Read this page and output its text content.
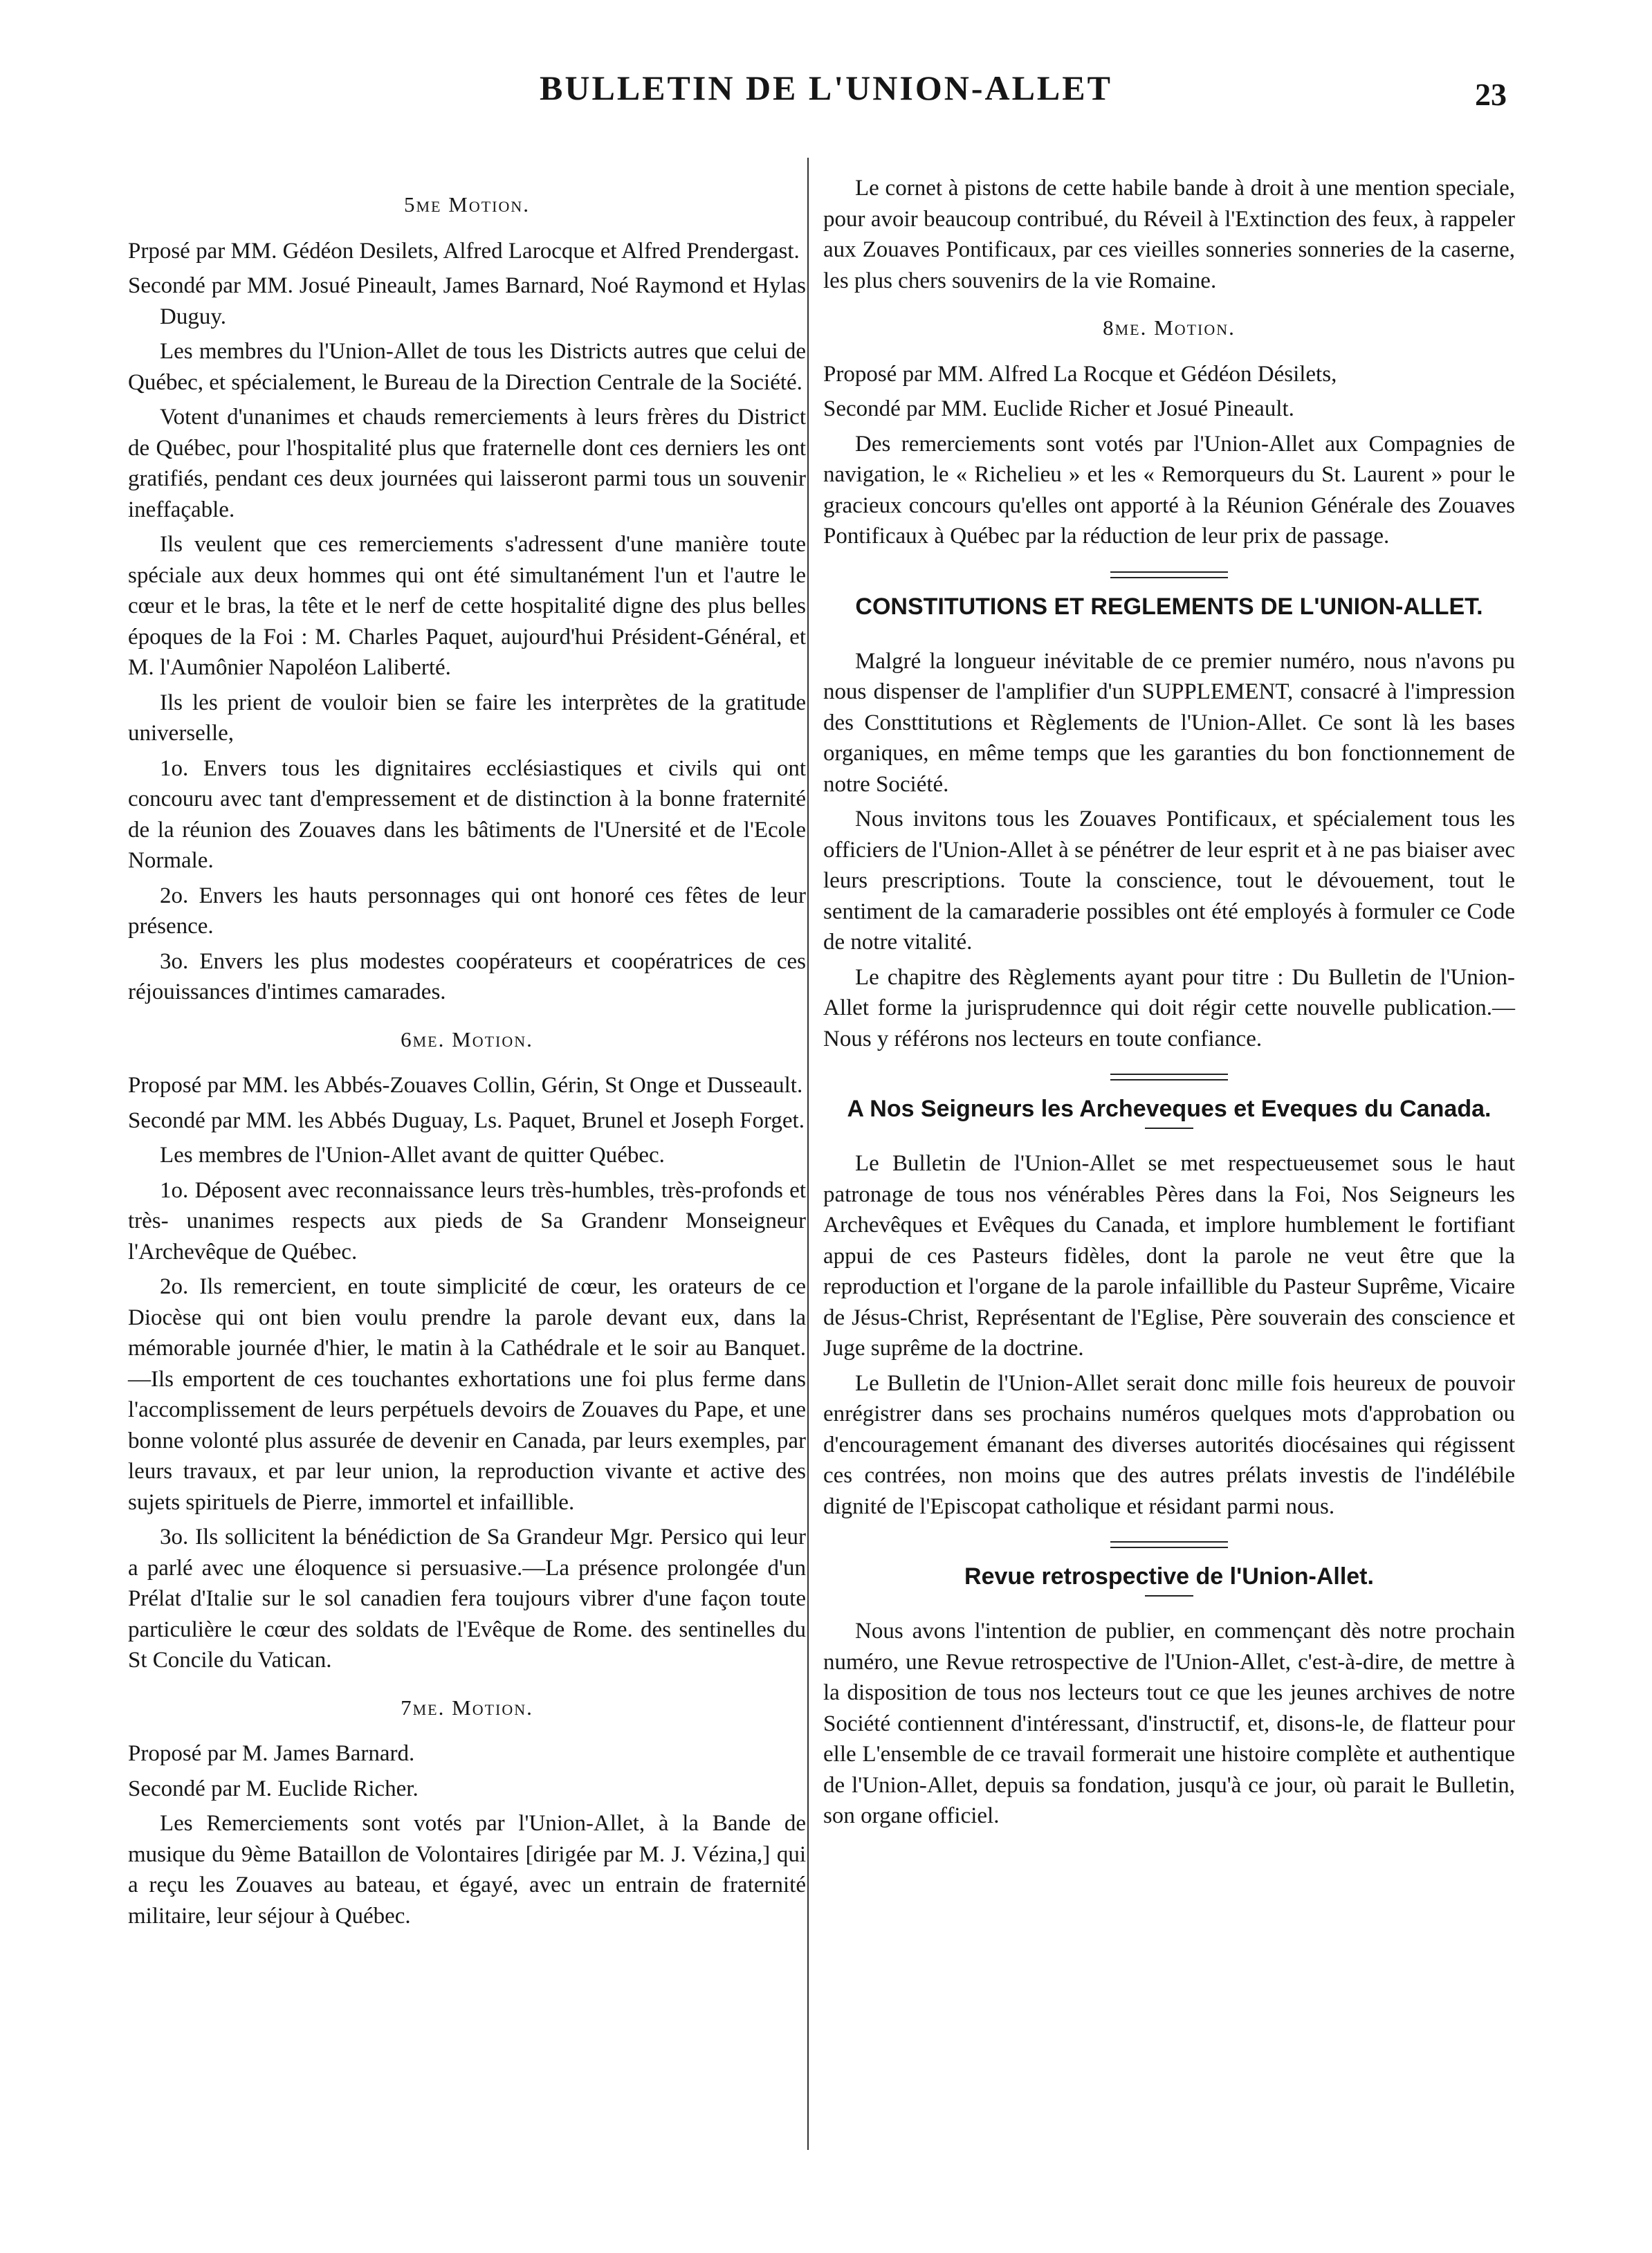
BULLETIN DE L'UNION-ALLET	23
5me Motion.

Prposé par MM. Gédéon Desilets, Alfred Larocque et Alfred Prendergast.

Secondé par MM. Josué Pineault, James Barnard, Noé Raymond et Hylas Duguy.

Les membres du l'Union-Allet de tous les Districts autres que celui de Québec, et spécialement, le Bureau de la Direction Centrale de la Société.

Votent d'unanimes et chauds remerciements à leurs frères du District de Québec, pour l'hospitalité plus que fraternelle dont ces derniers les ont gratifiés, pendant ces deux journées qui laisseront parmi tous un souvenir ineffaçable.

Ils veulent que ces remerciements s'adressent d'une manière toute spéciale aux deux hommes qui ont été simultanément l'un et l'autre le cœur et le bras, la tête et le nerf de cette hospitalité digne des plus belles époques de la Foi : M. Charles Paquet, aujourd'hui Président-Général, et M. l'Aumônier Napoléon Laliberté.

Ils les prient de vouloir bien se faire les interprètes de la gratitude universelle,

1o. Envers tous les dignitaires ecclésiastiques et civils qui ont concouru avec tant d'empressement et de distinction à la bonne fraternité de la réunion des Zouaves dans les bâtiments de l'Unersité et de l'Ecole Normale.

2o. Envers les hauts personnages qui ont honoré ces fêtes de leur présence.

3o. Envers les plus modestes coopérateurs et coopératrices de ces réjouissances d'intimes camarades.

6me. Motion.

Proposé par MM. les Abbés-Zouaves Collin, Gérin, St Onge et Dusseault.

Secondé par MM. les Abbés Duguay, Ls. Paquet, Brunel et Joseph Forget.

Les membres de l'Union-Allet avant de quitter Québec.

1o. Déposent avec reconnaissance leurs très-humbles, très-profonds et très- unanimes respects aux pieds de Sa Grandenr Monseigneur l'Archevêque de Québec.

2o. Ils remercient, en toute simplicité de cœur, les orateurs de ce Diocèse qui ont bien voulu prendre la parole devant eux, dans la mémorable journée d'hier, le matin à la Cathédrale et le soir au Banquet.—Ils emportent de ces touchantes exhortations une foi plus ferme dans l'accomplissement de leurs perpétuels devoirs de Zouaves du Pape, et une bonne volonté plus assurée de devenir en Canada, par leurs exemples, par leurs travaux, et par leur union, la reproduction vivante et active des sujets spirituels de Pierre, immortel et infaillible.

3o. Ils sollicitent la bénédiction de Sa Grandeur Mgr. Persico qui leur a parlé avec une éloquence si persuasive.—La présence prolongée d'un Prélat d'Italie sur le sol canadien fera toujours vibrer d'une façon toute particulière le cœur des soldats de l'Evêque de Rome. des sentinelles du St Concile du Vatican.

7me. Motion.

Proposé par M. James Barnard.

Secondé par M. Euclide Richer.

Les Remerciements sont votés par l'Union-Allet, à la Bande de musique du 9ème Bataillon de Volontaires [dirigée par M. J. Vézina,] qui a reçu les Zouaves au bateau, et égayé, avec un entrain de fraternité militaire, leur séjour à Québec.

Le cornet à pistons de cette habile bande à droit à une mention speciale, pour avoir beaucoup contribué, du Réveil à l'Extinction des feux, à rappeler aux Zouaves Pontificaux, par ces vieilles sonneries sonneries de la caserne, les plus chers souvenirs de la vie Romaine.

8me. Motion.

Proposé par MM. Alfred La Rocque et Gédéon Désilets,

Secondé par MM. Euclide Richer et Josué Pineault.

Des remerciements sont votés par l'Union-Allet aux Compagnies de navigation, le « Richelieu » et les « Remorqueurs du St. Laurent » pour le gracieux concours qu'elles ont apporté à la Réunion Générale des Zouaves Pontificaux à Québec par la réduction de leur prix de passage.

CONSTITUTIONS ET REGLEMENTS DE L'UNION-ALLET.

Malgré la longueur inévitable de ce premier numéro, nous n'avons pu nous dispenser de l'amplifier d'un SUPPLEMENT, consacré à l'impression des Consttitutions et Règlements de l'Union-Allet. Ce sont là les bases organiques, en même temps que les garanties du bon fonctionnement de notre Société.

Nous invitons tous les Zouaves Pontificaux, et spécialement tous les officiers de l'Union-Allet à se pénétrer de leur esprit et à ne pas biaiser avec leurs prescriptions. Toute la conscience, tout le dévouement, tout le sentiment de la camaraderie possibles ont été employés à formuler ce Code de notre vitalité.

Le chapitre des Règlements ayant pour titre : Du Bulletin de l'Union-Allet forme la jurisprudennce qui doit régir cette nouvelle publication.—Nous y référons nos lecteurs en toute confiance.

A Nos Seigneurs les Archeveques et Eveques du Canada.

Le Bulletin de l'Union-Allet se met respectueusemet sous le haut patronage de tous nos vénérables Pères dans la Foi, Nos Seigneurs les Archevêques et Evêques du Canada, et implore humblement le fortifiant appui de ces Pasteurs fidèles, dont la parole ne veut être que la reproduction et l'organe de la parole infaillible du Pasteur Suprême, Vicaire de Jésus-Christ, Représentant de l'Eglise, Père souverain des conscience et Juge suprême de la doctrine.

Le Bulletin de l'Union-Allet serait donc mille fois heureux de pouvoir enrégistrer dans ses prochains numéros quelques mots d'approbation ou d'encouragement émanant des diverses autorités diocésaines qui régissent ces contrées, non moins que des autres prélats investis de l'indélébile dignité de l'Episcopat catholique et résidant parmi nous.

Revue retrospective de l'Union-Allet.

Nous avons l'intention de publier, en commençant dès notre prochain numéro, une Revue retrospective de l'Union-Allet, c'est-à-dire, de mettre à la disposition de tous nos lecteurs tout ce que les jeunes archives de notre Société contiennent d'intéressant, d'instructif, et, disons-le, de flatteur pour elle L'ensemble de ce travail formerait une histoire complète et authentique de l'Union-Allet, depuis sa fondation, jusqu'à ce jour, où parait le Bulletin, son organe officiel.
